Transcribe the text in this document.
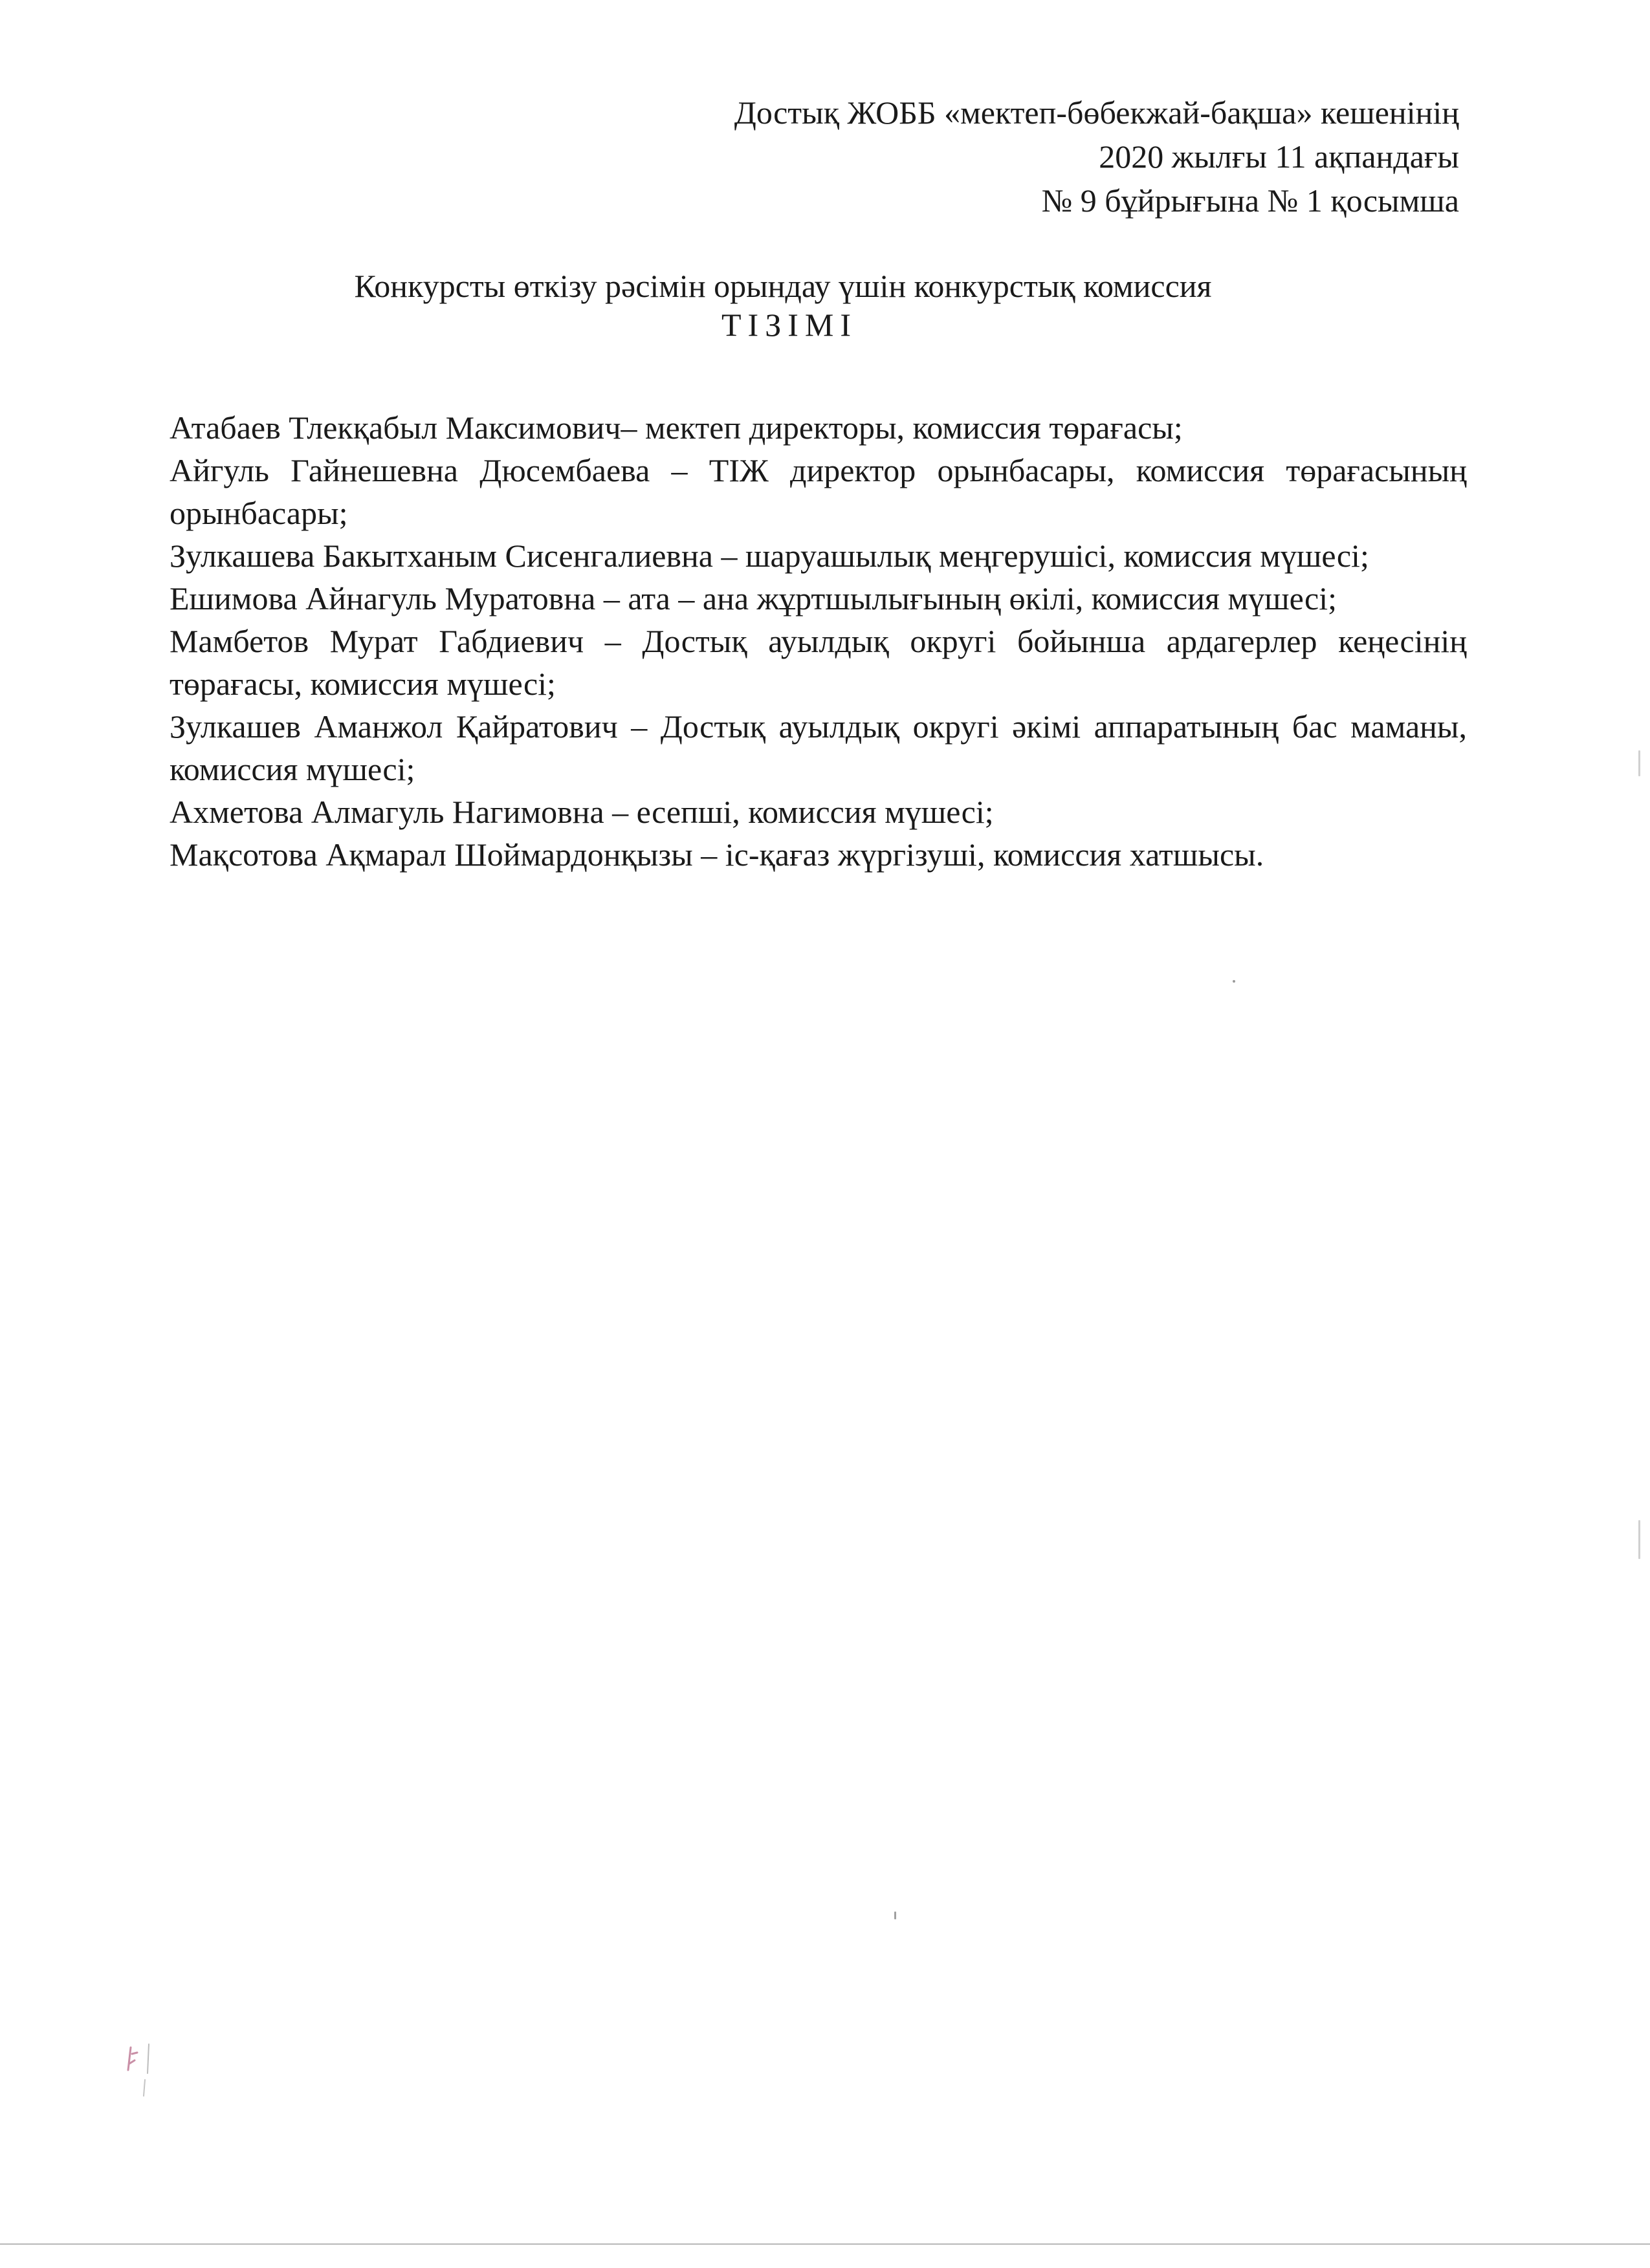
Достық ЖОББ «мектеп-бөбекжай-бақша» кешенінің
2020 жылғы 11 ақпандағы
№ 9 бұйрығына № 1 қосымша
Конкурсты өткізу рәсімін орындау үшін конкурстық комиссия
ТІЗІМІ

Атабаев Тлекқабыл Максимович– мектеп директоры, комиссия төрағасы;

Айгуль Гайнешевна Дюсембаева – ТІЖ директор орынбасары, комиссия төрағасының орынбасары;

Зулкашева Бакытханым Сисенгалиевна – шаруашылық меңгерушісі, комиссия мүшесі;

Ешимова Айнагуль Муратовна – ата – ана жұртшылығының өкілі, комиссия мүшесі;

Мамбетов Мурат Габдиевич – Достық ауылдық округі бойынша ардагерлер кеңесінің төрағасы, комиссия мүшесі;

Зулкашев Аманжол Қайратович – Достық ауылдық округі әкімі аппаратының бас маманы, комиссия мүшесі;

Ахметова Алмагуль Нагимовна – есепші, комиссия мүшесі;

Мақсотова Ақмарал Шоймардонқызы – іс-қағаз жүргізуші, комиссия хатшысы.
